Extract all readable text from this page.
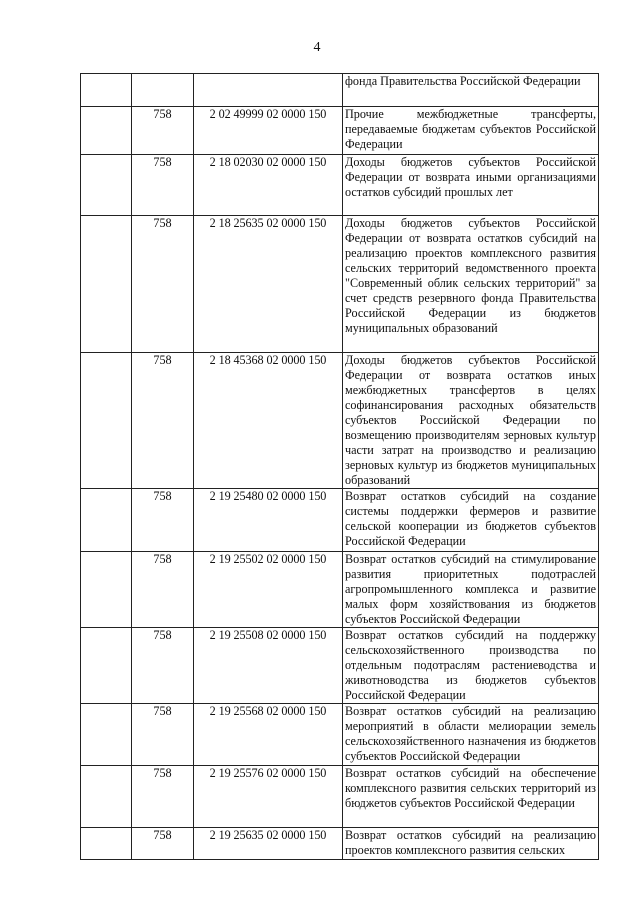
4
			фонда Правительства Российской Федерации
	758	2 02 49999 02 0000 150	Прочие межбюджетные трансферты, передаваемые бюджетам субъектов Российской Федерации
	758	2 18 02030 02 0000 150	Доходы бюджетов субъектов Российской Федерации от возврата иными организациями остатков субсидий прошлых лет
	758	2 18 25635 02 0000 150	Доходы бюджетов субъектов Российской Федерации от возврата остатков субсидий на реализацию проектов комплексного развития сельских территорий ведомственного проекта "Современный облик сельских территорий" за счет средств резервного фонда Правительства Российской Федерации из бюджетов муниципальных образований
	758	2 18 45368 02 0000 150	Доходы бюджетов субъектов Российской Федерации от возврата остатков иных межбюджетных трансфертов в целях софинансирования расходных обязательств субъектов Российской Федерации по возмещению производителям зерновых культур части затрат на производство и реализацию зерновых культур из бюджетов муниципальных образований
	758	2 19 25480 02 0000 150	Возврат остатков субсидий на создание системы поддержки фермеров и развитие сельской кооперации из бюджетов субъектов Российской Федерации
	758	2 19 25502 02 0000 150	Возврат остатков субсидий на стимулирование развития приоритетных подотраслей агропромышленного комплекса и развитие малых форм хозяйствования из бюджетов субъектов Российской Федерации
	758	2 19 25508 02 0000 150	Возврат остатков субсидий на поддержку сельскохозяйственного производства по отдельным подотраслям растениеводства и животноводства из бюджетов субъектов Российской Федерации
	758	2 19 25568 02 0000 150	Возврат остатков субсидий на реализацию мероприятий в области мелиорации земель сельскохозяйственного назначения из бюджетов субъектов Российской Федерации
	758	2 19 25576 02 0000 150	Возврат остатков субсидий на обеспечение комплексного развития сельских территорий из бюджетов субъектов Российской Федерации
	758	2 19 25635 02 0000 150	Возврат остатков субсидий на реализацию проектов комплексного развития сельских
